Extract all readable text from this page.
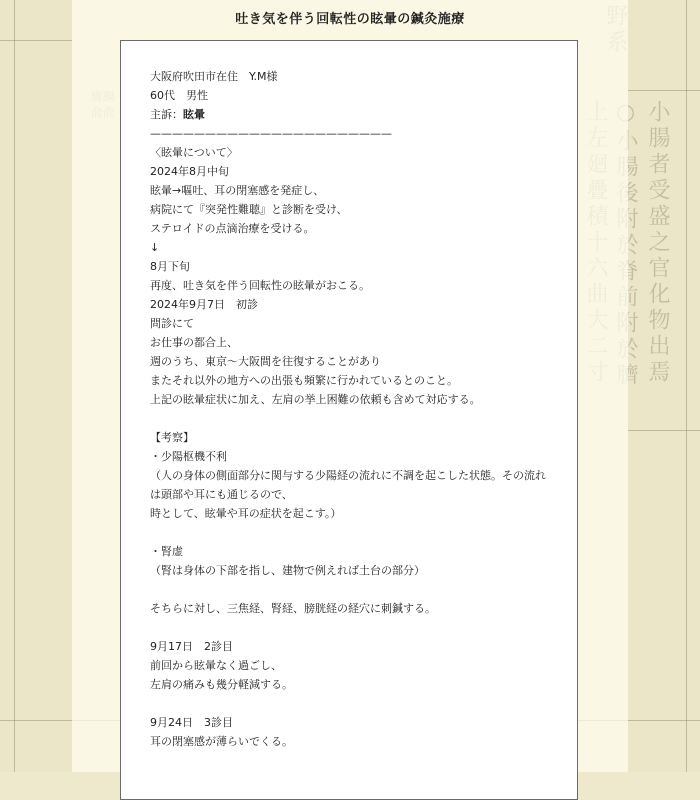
小腸者受盛之官化物出焉
吐き気を伴う回転性の眩暈の鍼灸施療
大阪府吹田市在住　Y.M様
60代　男性
主訴：眩暈
——————————————————————
〈眩暈について〉
2024年8月中旬
眩暈→嘔吐、耳の閉塞感を発症し、
病院にて『突発性難聴』と診断を受け、
ステロイドの点滴治療を受ける。
↓
8月下旬
再度、吐き気を伴う回転性の眩暈がおこる。
2024年9月7日　初診
問診にて
お仕事の都合上、
週のうち、東京〜大阪間を往復することがあり
またそれ以外の地方への出張も頻繁に行かれているとのこと。
上記の眩暈症状に加え、左肩の挙上困難の依頼も含めて対応する。
【考察】
・少陽枢機不利
（人の身体の側面部分に関与する少陽経の流れに不調を起こした状態。その流れ
は頭部や耳にも通じるので、
時として、眩暈や耳の症状を起こす。）
・腎虚
（腎は身体の下部を指し、建物で例えれば土台の部分）
そちらに対し、三焦経、腎経、膀胱経の経穴に刺鍼する。
9月17日　2診目
前回から眩暈なく過ごし、
左肩の痛みも幾分軽減する。
9月24日　3診目
耳の閉塞感が薄らいでくる。
